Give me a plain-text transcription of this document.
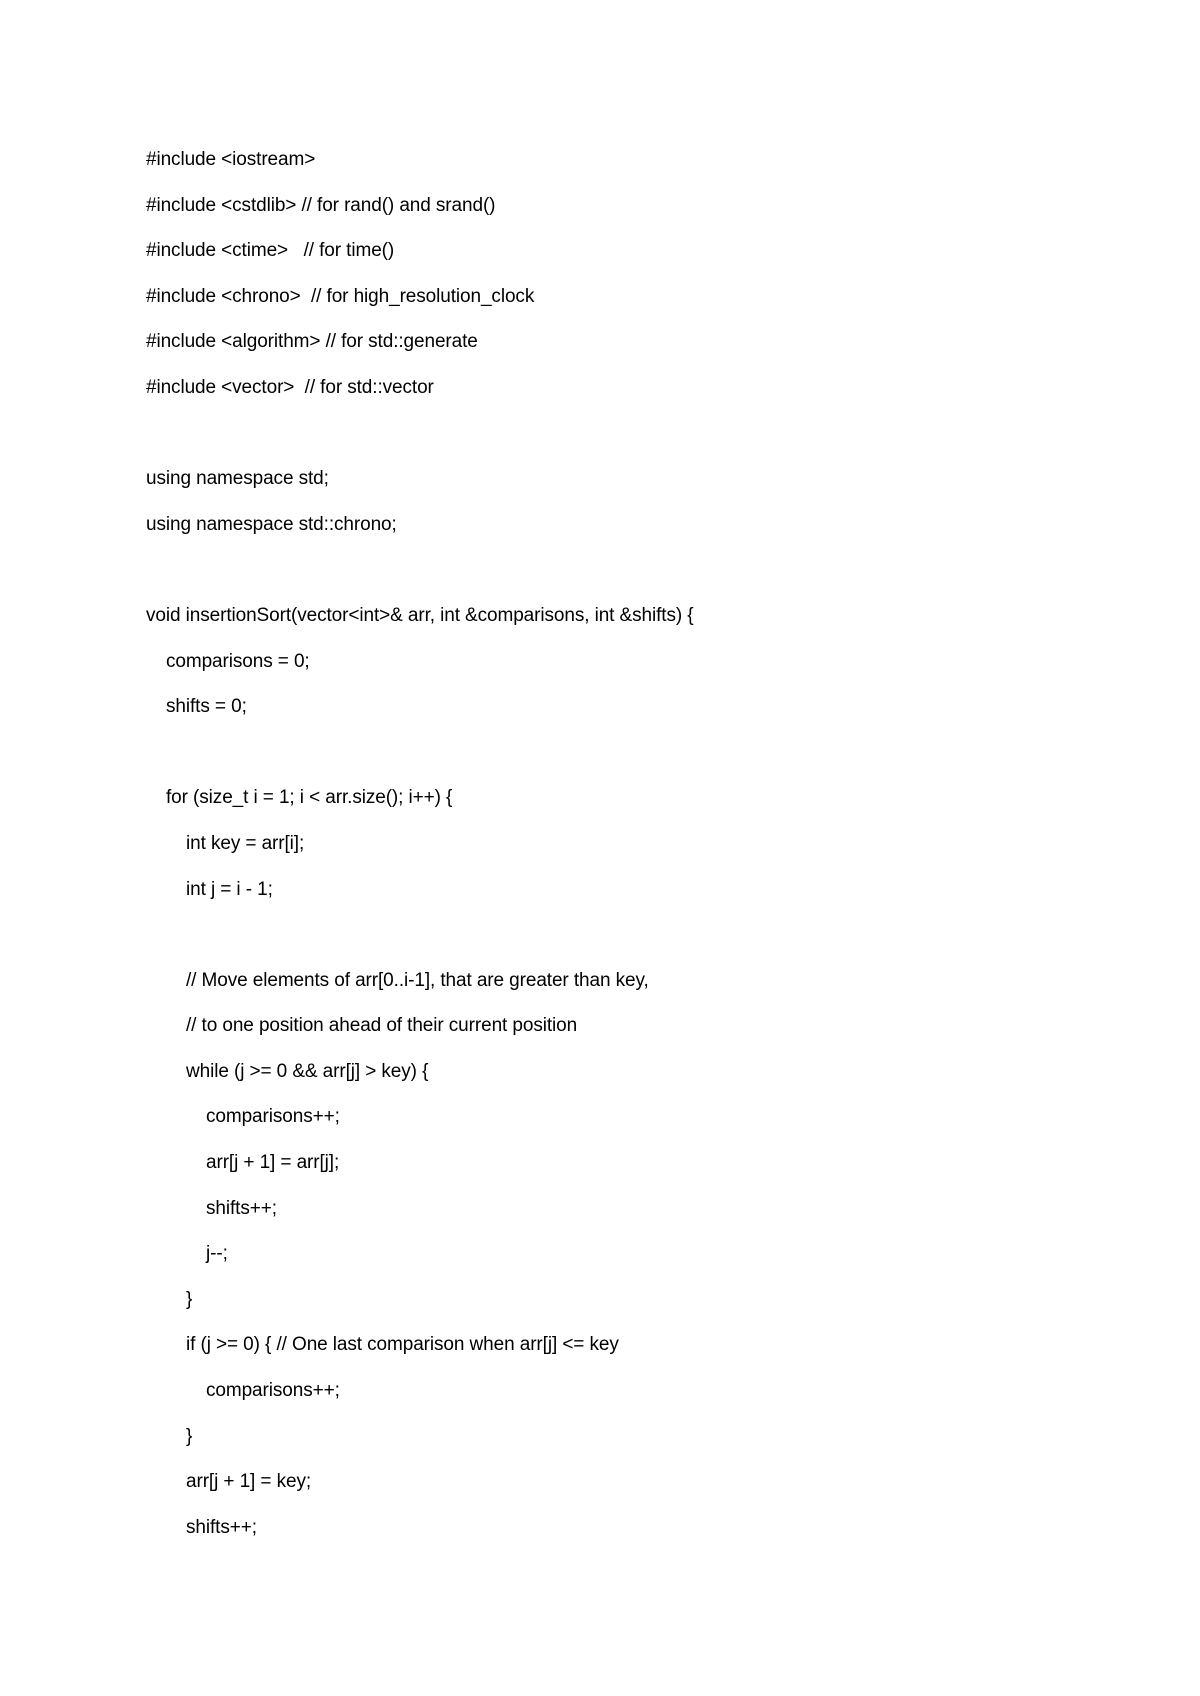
#include <iostream>
#include <cstdlib> // for rand() and srand()
#include <ctime>   // for time()
#include <chrono>  // for high_resolution_clock
#include <algorithm> // for std::generate
#include <vector>  // for std::vector
using namespace std;
using namespace std::chrono;
void insertionSort(vector<int>& arr, int &comparisons, int &shifts) {
comparisons = 0;
shifts = 0;
for (size_t i = 1; i < arr.size(); i++) {
int key = arr[i];
int j = i - 1;
// Move elements of arr[0..i-1], that are greater than key,
// to one position ahead of their current position
while (j >= 0 && arr[j] > key) {
comparisons++;
arr[j + 1] = arr[j];
shifts++;
j--;
}
if (j >= 0) { // One last comparison when arr[j] <= key
comparisons++;
}
arr[j + 1] = key;
shifts++;
